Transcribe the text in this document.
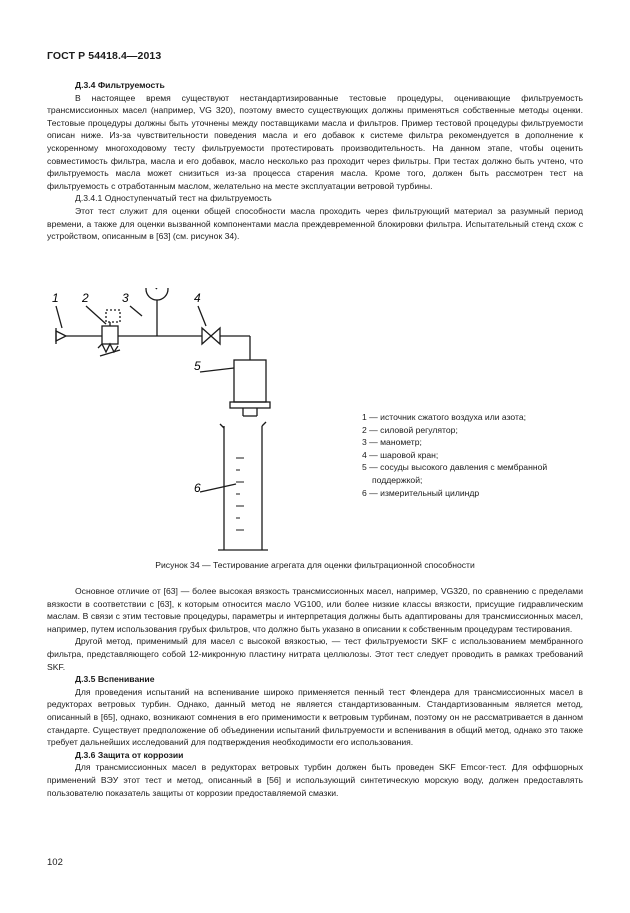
ГОСТ Р 54418.4—2013

Д.3.4 Фильтруемость

В настоящее время существуют нестандартизированные тестовые процедуры, оценивающие фильтруемость трансмиссионных масел (например, VG 320), поэтому вместо существующих должны применяться собственные методы оценки. Тестовые процедуры должны быть уточнены между поставщиками масла и фильтров. Пример тестовой процедуры фильтруемости описан ниже. Из-за чувствительности поведения масла и его добавок к системе фильтра рекомендуется в дополнение к ускоренному многоходовому тесту фильтруемости протестировать производительность. На данном этапе, чтобы оценить совместимость фильтра, масла и его добавок, масло несколько раз проходит через фильтры. При тестах должно быть учтено, что фильтруемость масла может снизиться из-за процесса старения масла. Кроме того, должен быть рассмотрен тест на фильтруемость с отработанным маслом, желательно на месте эксплуатации ветровой турбины.

Д.3.4.1 Одноступенчатый тест на фильтруемость

Этот тест служит для оценки общей способности масла проходить через фильтрующий материал за разумный период времени, а также для оценки вызванной компонентами масла преждевременной блокировки фильтра. Испытательный стенд схож с устройством, описанным в [63] (см. рисунок 34).

1 2	3	4
5
6
1 — источник сжатого воздуха или азота;
2 — силовой регулятор;
3 — манометр;
4 — шаровой кран;
5 — сосуды высокого давления с мембранной
поддержкой;
6 — измерительный цилиндр
Рисунок 34 — Тестирование агрегата для оценки фильтрационной способности

Основное отличие от [63] — более высокая вязкость трансмиссионных масел, например, VG320, по сравнению с пределами вязкости в соответствии с [63], к которым относится масло VG100, или более низкие классы вязкости, присущие гидравлическим маслам. В связи с этим тестовые процедуры, параметры и интерпретация должны быть адаптированы для трансмиссионных масел, например, путем использования грубых фильтров, что должно быть указано в описании к собственным процедурам тестирования.

Другой метод, применимый для масел с высокой вязкостью, — тест фильтруемости SKF с использованием мембранного фильтра, представляющего собой 12-микронную пластину нитрата целлюлозы. Этот тест следует проводить в рамках требований SKF.

Д.3.5 Вспенивание

Для проведения испытаний на вспенивание широко применяется пенный тест Флендера для трансмиссионных масел в редукторах ветровых турбин. Однако, данный метод не является стандартизованным. Стандартизованным является метод, описанный в [65], однако, возникают сомнения в его применимости к ветровым турбинам, поэтому он не рассматривается в данном стандарте. Существует предположение об объединении испытаний фильтруемости и вспенивания в общий метод, однако это также требует дальнейших исследований для подтверждения необходимости его использования.

Д.3.6 Защита от коррозии

Для трансмиссионных масел в редукторах ветровых турбин должен быть проведен SKF Emcor-тест. Для оффшорных применений ВЭУ этот тест и метод, описанный в [56] и использующий синтетическую морскую воду, должен предоставлять пользователю показатель защиты от коррозии предоставляемой смазки.

102
